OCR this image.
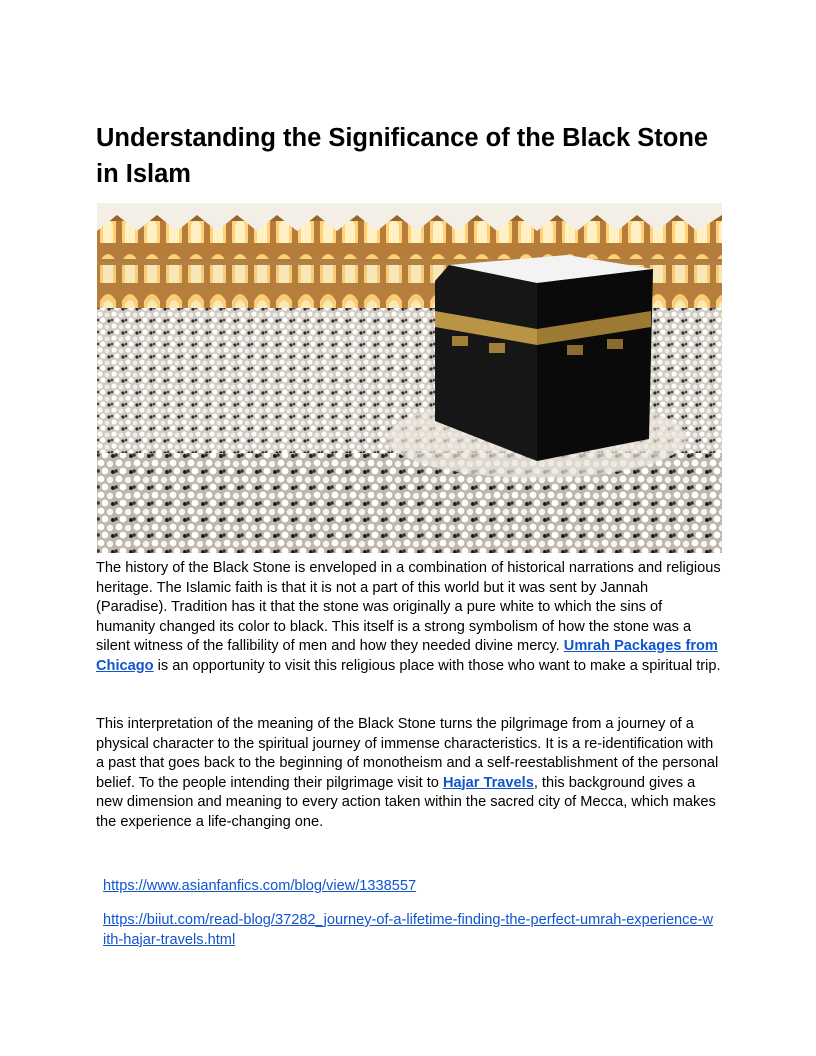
Understanding the Significance of the Black Stone in Islam

The history of the Black Stone is enveloped in a combination of historical narrations and religious heritage. The Islamic faith is that it is not a part of this world but it was sent by Jannah (Paradise). Tradition has it that the stone was originally a pure white to which the sins of humanity changed its color to black. This itself is a strong symbolism of how the stone was a silent witness of the fallibility of men and how they needed divine mercy. Umrah Packages from Chicago is an opportunity to visit this religious place with those who want to make a spiritual trip.

This interpretation of the meaning of the Black Stone turns the pilgrimage from a journey of a physical character to the spiritual journey of immense characteristics. It is a re-identification with a past that goes back to the beginning of monotheism and a self-reestablishment of the personal belief. To the people intending their pilgrimage visit to Hajar Travels, this background gives a new dimension and meaning to every action taken within the sacred city of Mecca, which makes the experience a life-changing one.

https://www.asianfanfics.com/blog/view/1338557
https://biiut.com/read-blog/37282_journey-of-a-lifetime-finding-the-perfect-umrah-experience-with-hajar-travels.html
